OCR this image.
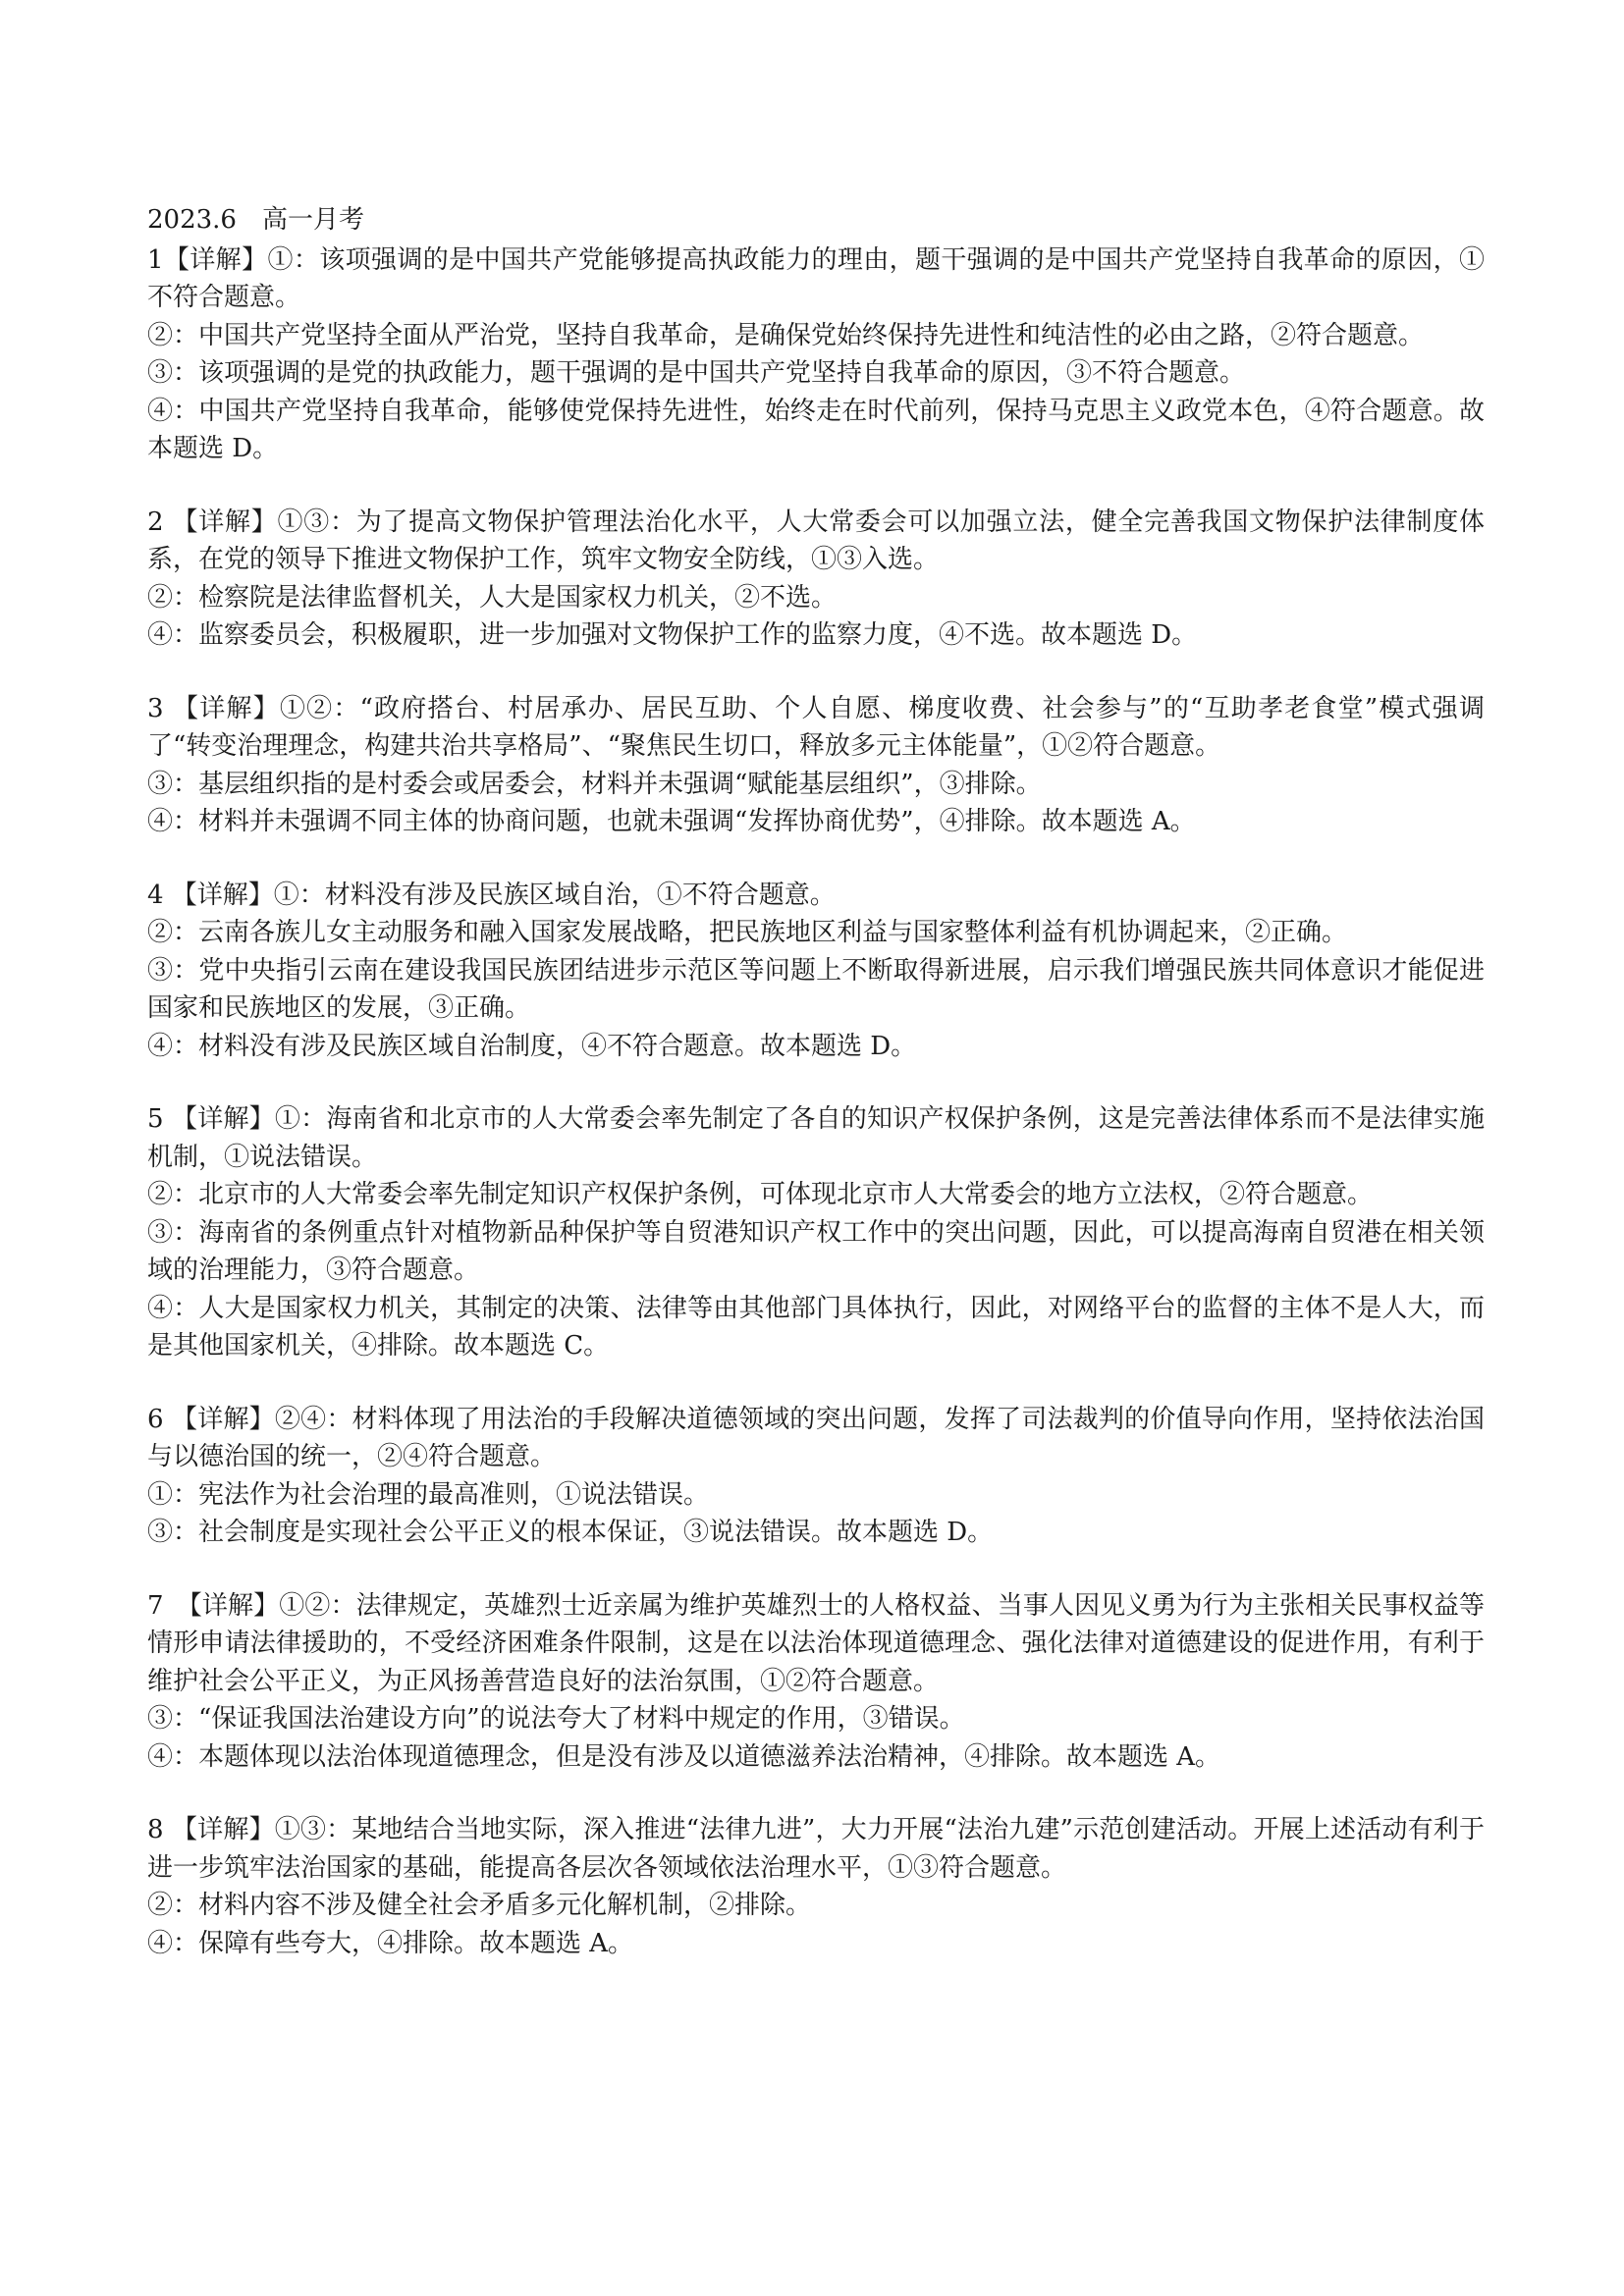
2023.6　高一月考
1【详解】①：该项强调的是中国共产党能够提高执政能力的理由，题干强调的是中国共产党坚持自我革命的原因，①不符合题意。
②：中国共产党坚持全面从严治党，坚持自我革命，是确保党始终保持先进性和纯洁性的必由之路，②符合题意。
③：该项强调的是党的执政能力，题干强调的是中国共产党坚持自我革命的原因，③不符合题意。
④：中国共产党坚持自我革命，能够使党保持先进性，始终走在时代前列，保持马克思主义政党本色，④符合题意。故本题选 D。
2 【详解】①③：为了提高文物保护管理法治化水平，人大常委会可以加强立法，健全完善我国文物保护法律制度体系，在党的领导下推进文物保护工作，筑牢文物安全防线，①③入选。
②：检察院是法律监督机关，人大是国家权力机关，②不选。
④：监察委员会，积极履职，进一步加强对文物保护工作的监察力度，④不选。故本题选 D。
3 【详解】①②：“政府搭台、村居承办、居民互助、个人自愿、梯度收费、社会参与”的“互助孝老食堂”模式强调了“转变治理理念，构建共治共享格局”、“聚焦民生切口，释放多元主体能量”，①②符合题意。
③：基层组织指的是村委会或居委会，材料并未强调“赋能基层组织”，③排除。
④：材料并未强调不同主体的协商问题，也就未强调“发挥协商优势”，④排除。故本题选 A。
4 【详解】①：材料没有涉及民族区域自治，①不符合题意。
②：云南各族儿女主动服务和融入国家发展战略，把民族地区利益与国家整体利益有机协调起来，②正确。
③：党中央指引云南在建设我国民族团结进步示范区等问题上不断取得新进展，启示我们增强民族共同体意识才能促进国家和民族地区的发展，③正确。
④：材料没有涉及民族区域自治制度，④不符合题意。故本题选 D。
5 【详解】①：海南省和北京市的人大常委会率先制定了各自的知识产权保护条例，这是完善法律体系而不是法律实施机制，①说法错误。
②：北京市的人大常委会率先制定知识产权保护条例，可体现北京市人大常委会的地方立法权，②符合题意。
③：海南省的条例重点针对植物新品种保护等自贸港知识产权工作中的突出问题，因此，可以提高海南自贸港在相关领域的治理能力，③符合题意。
④：人大是国家权力机关，其制定的决策、法律等由其他部门具体执行，因此，对网络平台的监督的主体不是人大，而是其他国家机关，④排除。故本题选 C。
6 【详解】②④：材料体现了用法治的手段解决道德领域的突出问题，发挥了司法裁判的价值导向作用，坚持依法治国与以德治国的统一，②④符合题意。
①：宪法作为社会治理的最高准则，①说法错误。
③：社会制度是实现社会公平正义的根本保证，③说法错误。故本题选 D。
7　【详解】①②：法律规定，英雄烈士近亲属为维护英雄烈士的人格权益、当事人因见义勇为行为主张相关民事权益等情形申请法律援助的，不受经济困难条件限制，这是在以法治体现道德理念、强化法律对道德建设的促进作用，有利于维护社会公平正义，为正风扬善营造良好的法治氛围，①②符合题意。
③：“保证我国法治建设方向”的说法夸大了材料中规定的作用，③错误。
④：本题体现以法治体现道德理念，但是没有涉及以道德滋养法治精神，④排除。故本题选 A。
8 【详解】①③：某地结合当地实际，深入推进“法律九进”，大力开展“法治九建”示范创建活动。开展上述活动有利于进一步筑牢法治国家的基础，能提高各层次各领域依法治理水平，①③符合题意。
②：材料内容不涉及健全社会矛盾多元化解机制，②排除。
④：保障有些夸大，④排除。故本题选 A。
